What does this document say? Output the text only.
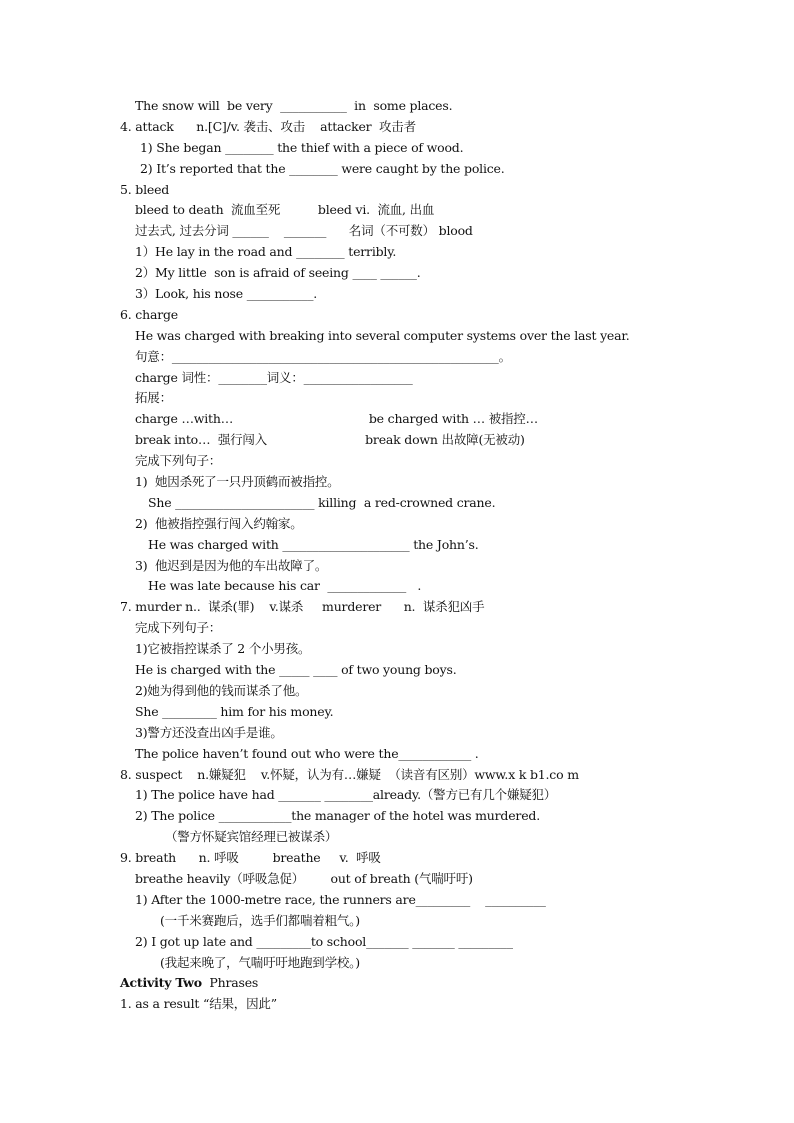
The snow will  be very  ___________  in  some places.
4. attack      n.[C]/v. 袭击、攻击    attacker  攻击者
1) She began ________ the thief with a piece of wood.
2) It’s reported that the ________ were caught by the police.
5. bleed
bleed to death  流血至死          bleed vi.  流血, 出血
过去式, 过去分词 ______    _______      名词（不可数） blood
1）He lay in the road and ________ terribly.
2）My little  son is afraid of seeing ____ ______.
3）Look, his nose ___________.
6. charge
He was charged with breaking into several computer systems over the last year.
句意：______________________________________________________。
charge 词性：________词义：__________________
拓展：
charge …with…                                    be charged with … 被指控…
break into…  强行闯入                          break down 出故障(无被动)
完成下列句子：
1)  她因杀死了一只丹顶鹤而被指控。
She _______________________ killing  a red-crowned crane.
2)  他被指控强行闯入约翰家。
He was charged with _____________________ the John’s.
3)  他迟到是因为他的车出故障了。
He was late because his car  _____________   .
7. murder n..  谋杀(罪)    v.谋杀     murderer      n.  谋杀犯凶手
完成下列句子：
1)它被指控谋杀了 2 个小男孩。
He is charged with the _____ ____ of two young boys.
2)她为得到他的钱而谋杀了他。
She _________ him for his money.
3)警方还没查出凶手是谁。
The police haven’t found out who were the____________ .
8. suspect    n.嫌疑犯    v.怀疑，认为有…嫌疑  （读音有区别）www.x k b1.co m
1) The police have had _______ ________already.（警方已有几个嫌疑犯）
2) The police ____________the manager of the hotel was murdered.
（警方怀疑宾馆经理已被谋杀）
9. breath      n. 呼吸         breathe     v.  呼吸
breathe heavily（呼吸急促）       out of breath (气喘吁吁)
1) After the 1000-metre race, the runners are_________    __________
(一千米赛跑后，选手们都喘着粗气。)
2) I got up late and _________to school_______ _______ _________
(我起来晚了，气喘吁吁地跑到学校。)
Activity Two  Phrases
1. as a result “结果，因此”
